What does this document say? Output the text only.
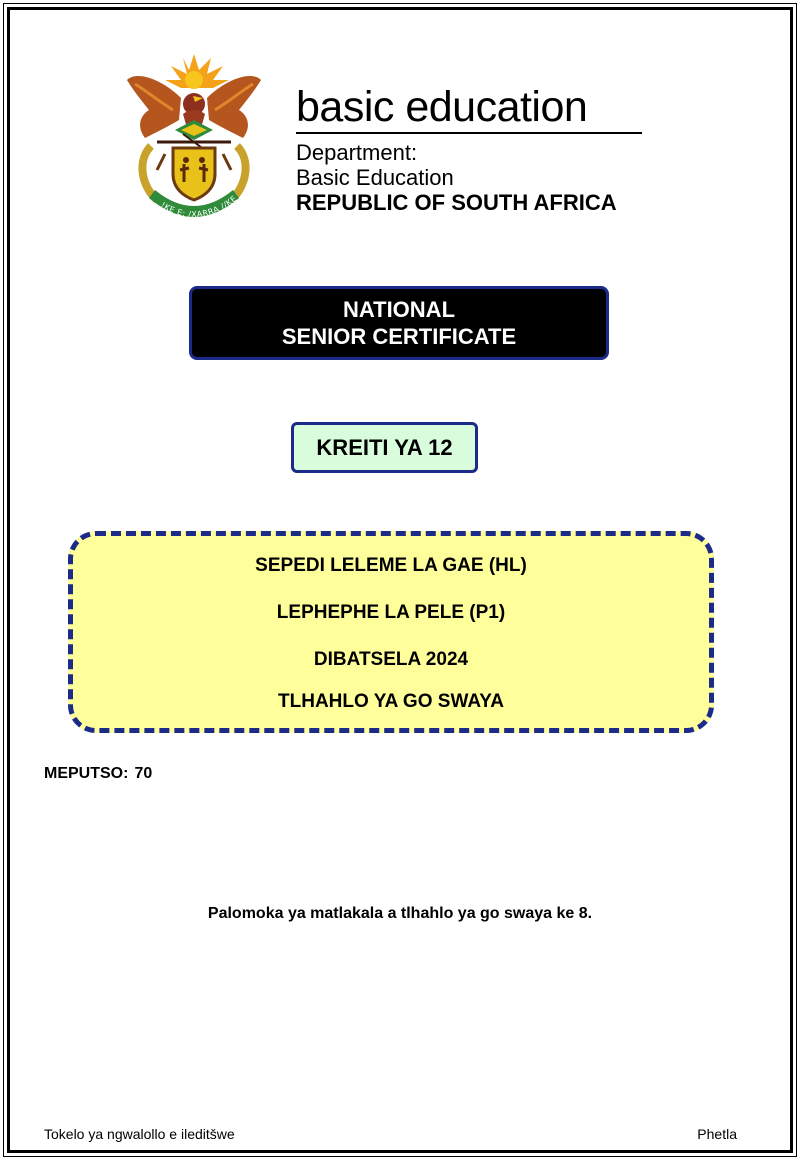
!KE E: /XARRA //KE
basic education
Department:
Basic Education
REPUBLIC OF SOUTH AFRICA
NATIONAL
SENIOR CERTIFICATE
KREITI YA 12
SEPEDI LELEME LA GAE (HL)
LEPHEPHE LA PELE (P1)
DIBATSELA 2024
TLHAHLO YA GO SWAYA
MEPUTSO: 70
Palomoka ya matlakala a tlhahlo ya go swaya ke 8.
Tokelo ya ngwalollo e ileditšwe	Phetla
